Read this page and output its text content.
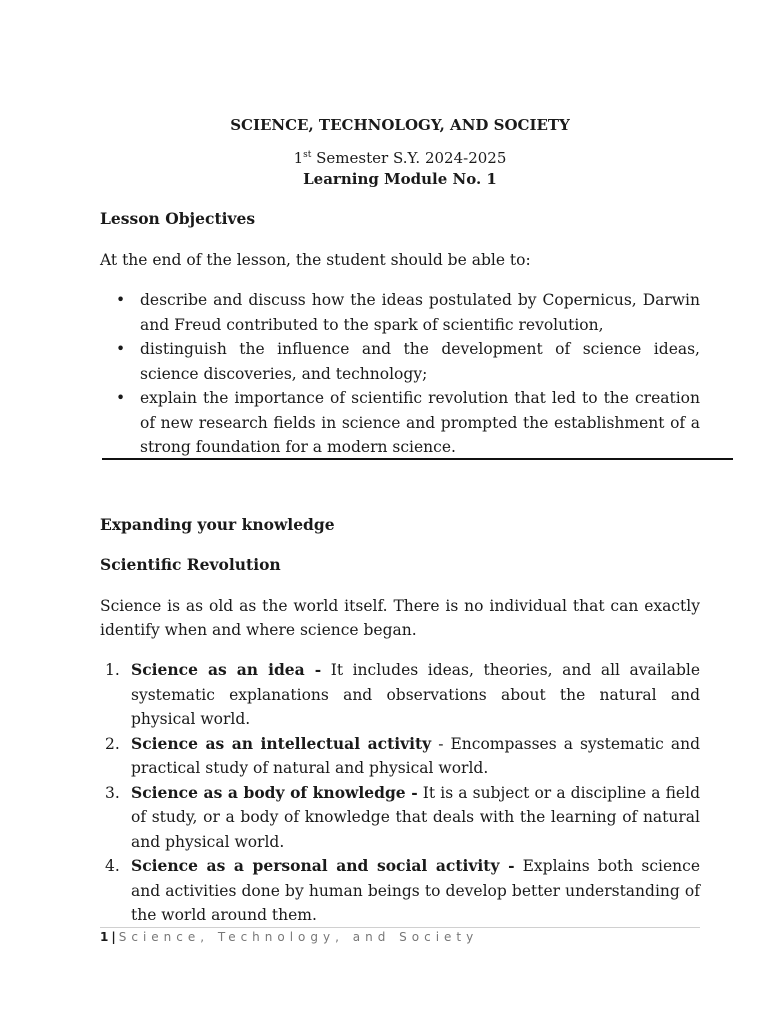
SCIENCE, TECHNOLOGY, AND SOCIETY
1st Semester S.Y. 2024-2025
Learning Module No. 1
Lesson Objectives
At the end of the lesson, the student should be able to:
• describe and discuss how the ideas postulated by Copernicus, Darwin and Freud contributed to the spark of scientific revolution,
• distinguish the influence and the development of science ideas, science discoveries, and technology;
• explain the importance of scientific revolution that led to the creation of new research fields in science and prompted the establishment of a strong foundation for a modern science.
Expanding your knowledge
Scientific Revolution
Science is as old as the world itself. There is no individual that can exactly identify when and where science began.
1. Science as an idea - It includes ideas, theories, and all available systematic explanations and observations about the natural and physical world.
2. Science as an intellectual activity - Encompasses a systematic and practical study of natural and physical world.
3. Science as a body of knowledge - It is a subject or a discipline a field of study, or a body of knowledge that deals with the learning of natural and physical world.
4. Science as a personal and social activity - Explains both science and activities done by human beings to develop better understanding of the world around them.
1 | Science, Technology, and Society
